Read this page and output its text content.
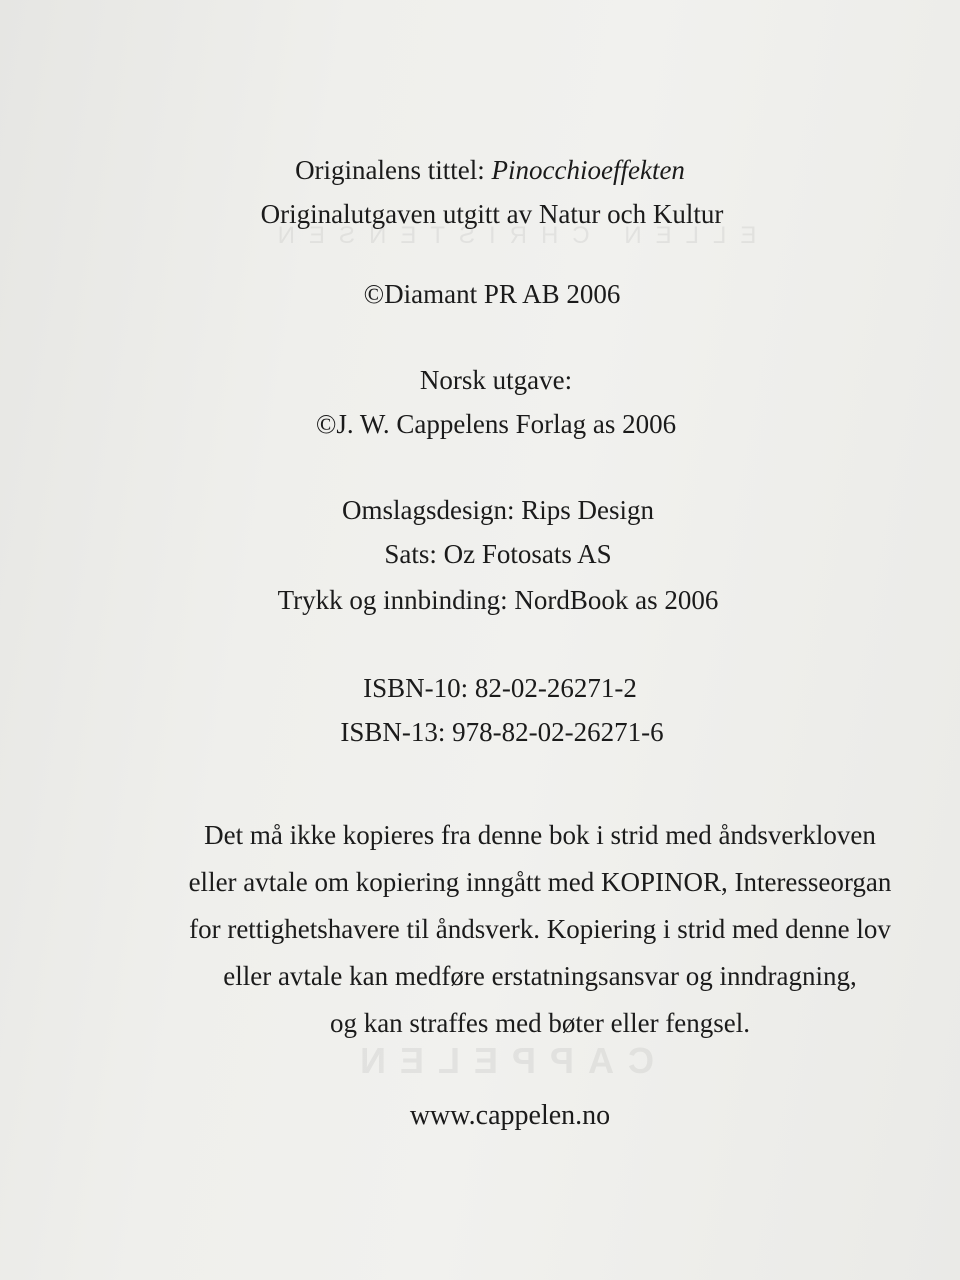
ELLEN CHRISTENSEN
CAPPELEN
Originalens tittel: Pinocchioeffekten
Originalutgaven utgitt av Natur och Kultur
©Diamant PR AB 2006
Norsk utgave:
©J. W. Cappelens Forlag as 2006
Omslagsdesign: Rips Design
Sats: Oz Fotosats AS
Trykk og innbinding: NordBook as 2006
ISBN-10: 82-02-26271-2
ISBN-13: 978-82-02-26271-6
Det må ikke kopieres fra denne bok i strid med åndsverkloven
eller avtale om kopiering inngått med KOPINOR, Interesseorgan
for rettighetshavere til åndsverk. Kopiering i strid med denne lov
eller avtale kan medføre erstatningsansvar og inndragning,
og kan straffes med bøter eller fengsel.
www.cappelen.no
